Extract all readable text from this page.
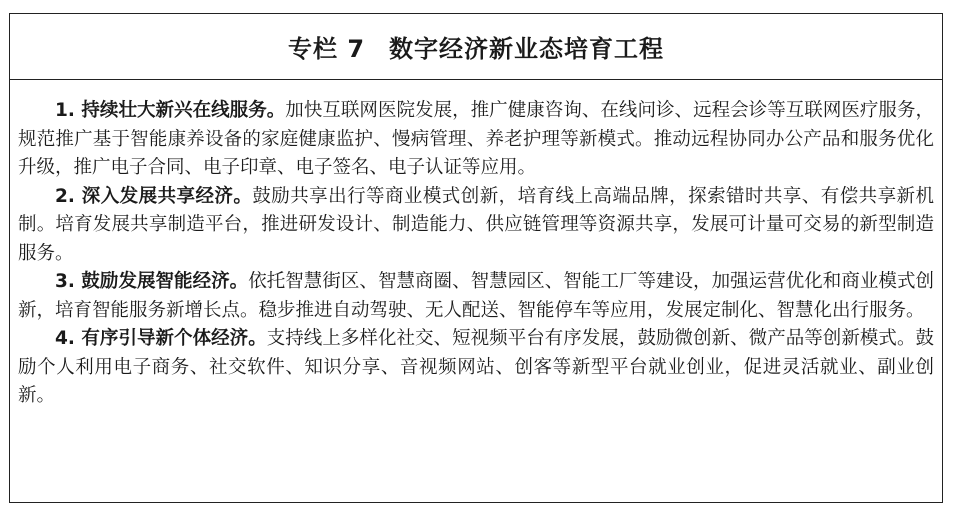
专栏 7 数字经济新业态培育工程

1. 持续壮大新兴在线服务。加快互联网医院发展，推广健康咨询、在线问诊、远程会诊等互联网医疗服务，规范推广基于智能康养设备的家庭健康监护、慢病管理、养老护理等新模式。推动远程协同办公产品和服务优化升级，推广电子合同、电子印章、电子签名、电子认证等应用。

2. 深入发展共享经济。鼓励共享出行等商业模式创新，培育线上高端品牌，探索错时共享、有偿共享新机制。培育发展共享制造平台，推进研发设计、制造能力、供应链管理等资源共享，发展可计量可交易的新型制造服务。

3. 鼓励发展智能经济。依托智慧街区、智慧商圈、智慧园区、智能工厂等建设，加强运营优化和商业模式创新，培育智能服务新增长点。稳步推进自动驾驶、无人配送、智能停车等应用，发展定制化、智慧化出行服务。

4. 有序引导新个体经济。支持线上多样化社交、短视频平台有序发展，鼓励微创新、微产品等创新模式。鼓励个人利用电子商务、社交软件、知识分享、音视频网站、创客等新型平台就业创业，促进灵活就业、副业创新。
